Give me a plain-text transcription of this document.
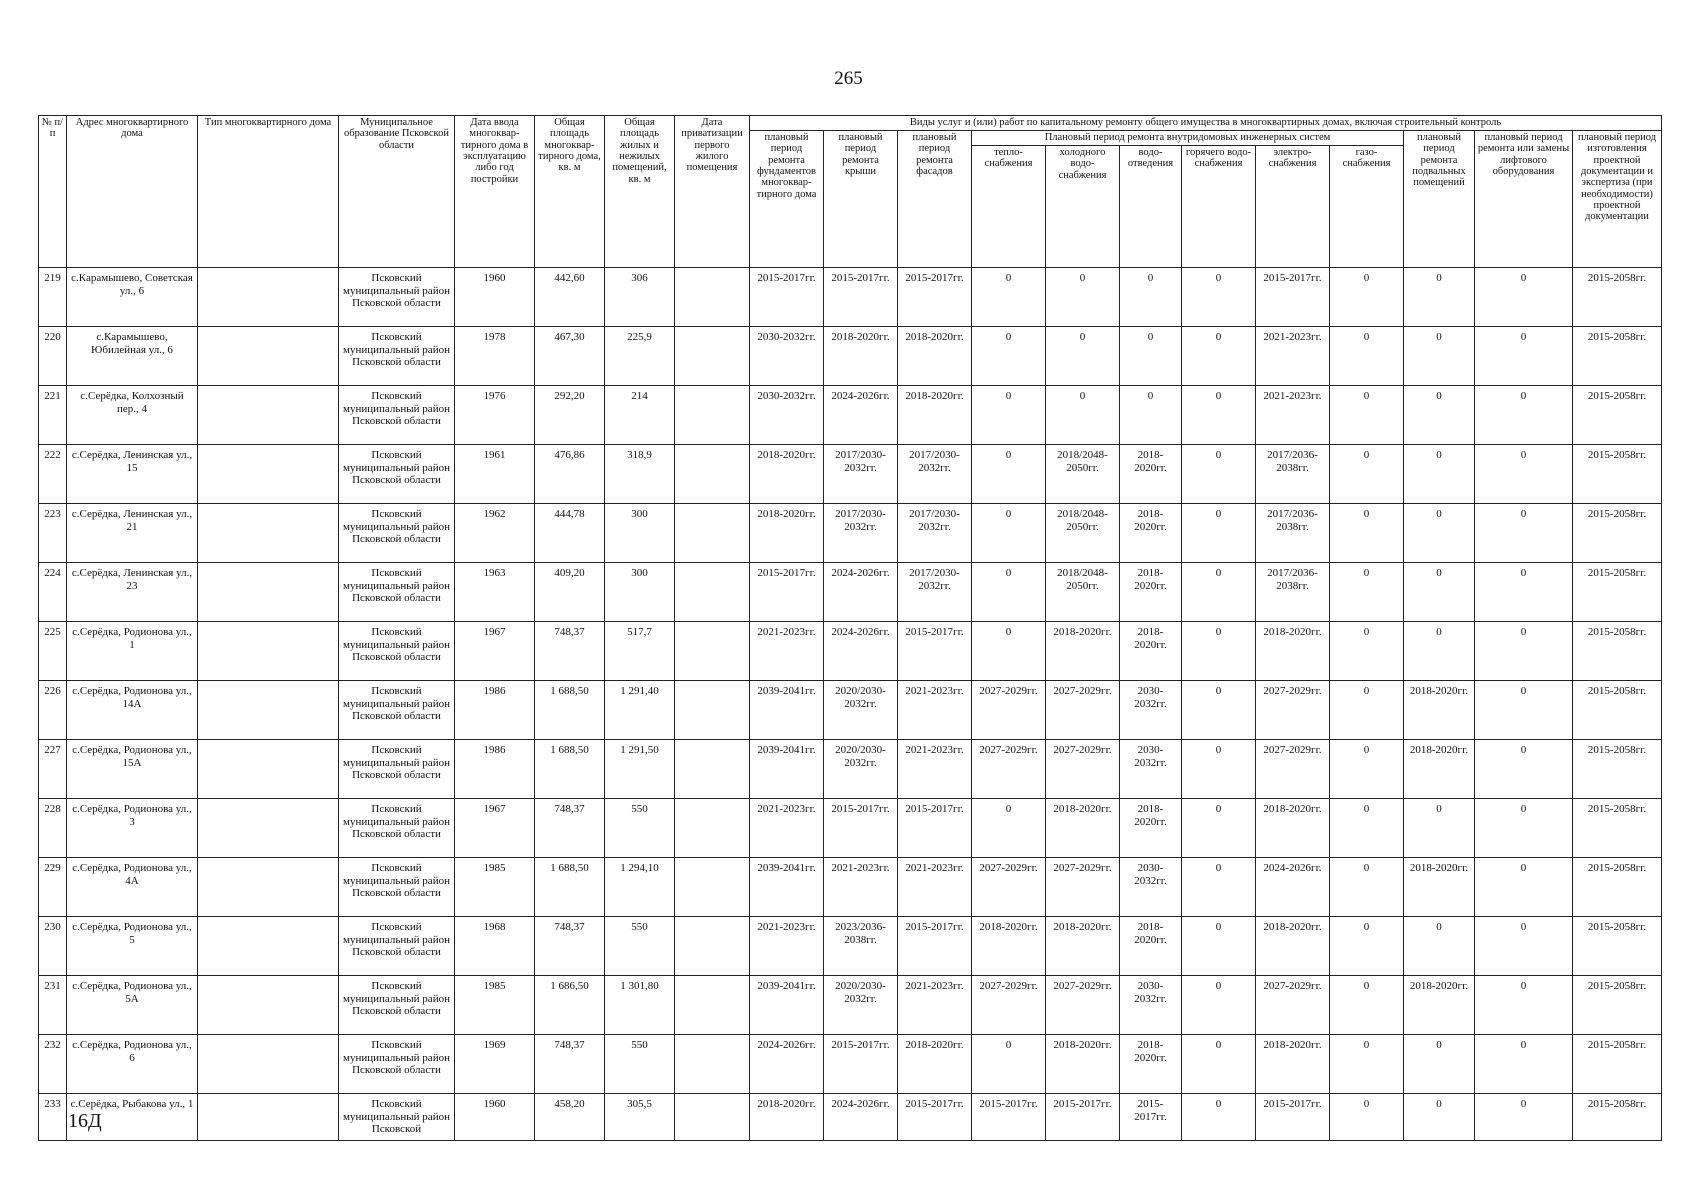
265
№ п/п	Адрес многоквартирного дома	Тип многоквартирного дома	Муниципальное образование Псковской области	Дата ввода многоквар-тирного дома в эксплуатацию либо год постройки	Общая площадь многоквар-тирного дома, кв. м	Общая площадь жилых и нежилых помещений, кв. м	Дата приватизации первого жилого помещения	Виды услуг и (или) работ по капитальному ремонту общего имущества в многоквартирных домах, включая строительный контроль											
								плановый период ремонта фундаментов многоквар-тирного дома	плановый период ремонта крыши	плановый период ремонта фасадов	Плановый период ремонта внутридомовых инженерных систем						плановый период ремонта подвальных помещений	плановый период ремонта или замены лифтового оборудования	плановый период изготовления проектной документации и экспертиза (при необходимости) проектной документации
											тепло-снабжения	холодного водо-снабжения	водо-отведения	горячего водо-снабжения	электро-снабжения	газо-снабжения			
219	с.Карамышево, Советская ул., 6		Псковский муниципальный район Псковской области	1960	442,60	306		2015-2017гг.	2015-2017гг.	2015-2017гг.	0	0	0	0	2015-2017гг.	0	0	0	2015-2058гг.
220	с.Карамышево, Юбилейная ул., 6		Псковский муниципальный район Псковской области	1978	467,30	225,9		2030-2032гг.	2018-2020гг.	2018-2020гг.	0	0	0	0	2021-2023гг.	0	0	0	2015-2058гг.
221	с.Серёдка, Колхозный пер., 4		Псковский муниципальный район Псковской области	1976	292,20	214		2030-2032гг.	2024-2026гг.	2018-2020гг.	0	0	0	0	2021-2023гг.	0	0	0	2015-2058гг.
222	с.Серёдка, Ленинская ул., 15		Псковский муниципальный район Псковской области	1961	476,86	318,9		2018-2020гг.	2017/2030-2032гг.	2017/2030-2032гг.	0	2018/2048-2050гг.	2018-2020гг.	0	2017/2036-2038гг.	0	0	0	2015-2058гг.
223	с.Серёдка, Ленинская ул., 21		Псковский муниципальный район Псковской области	1962	444,78	300		2018-2020гг.	2017/2030-2032гг.	2017/2030-2032гг.	0	2018/2048-2050гг.	2018-2020гг.	0	2017/2036-2038гг.	0	0	0	2015-2058гг.
224	с.Серёдка, Ленинская ул., 23		Псковский муниципальный район Псковской области	1963	409,20	300		2015-2017гг.	2024-2026гг.	2017/2030-2032гг.	0	2018/2048-2050гг.	2018-2020гг.	0	2017/2036-2038гг.	0	0	0	2015-2058гг.
225	с.Серёдка, Родионова ул., 1		Псковский муниципальный район Псковской области	1967	748,37	517,7		2021-2023гг.	2024-2026гг.	2015-2017гг.	0	2018-2020гг.	2018-2020гг.	0	2018-2020гг.	0	0	0	2015-2058гг.
226	с.Серёдка, Родионова ул., 14А		Псковский муниципальный район Псковской области	1986	1 688,50	1 291,40		2039-2041гг.	2020/2030-2032гг.	2021-2023гг.	2027-2029гг.	2027-2029гг.	2030-2032гг.	0	2027-2029гг.	0	2018-2020гг.	0	2015-2058гг.
227	с.Серёдка, Родионова ул., 15А		Псковский муниципальный район Псковской области	1986	1 688,50	1 291,50		2039-2041гг.	2020/2030-2032гг.	2021-2023гг.	2027-2029гг.	2027-2029гг.	2030-2032гг.	0	2027-2029гг.	0	2018-2020гг.	0	2015-2058гг.
228	с.Серёдка, Родионова ул., 3		Псковский муниципальный район Псковской области	1967	748,37	550		2021-2023гг.	2015-2017гг.	2015-2017гг.	0	2018-2020гг.	2018-2020гг.	0	2018-2020гг.	0	0	0	2015-2058гг.
229	с.Серёдка, Родионова ул., 4А		Псковский муниципальный район Псковской области	1985	1 688,50	1 294,10		2039-2041гг.	2021-2023гг.	2021-2023гг.	2027-2029гг.	2027-2029гг.	2030-2032гг.	0	2024-2026гг.	0	2018-2020гг.	0	2015-2058гг.
230	с.Серёдка, Родионова ул., 5		Псковский муниципальный район Псковской области	1968	748,37	550		2021-2023гг.	2023/2036-2038гг.	2015-2017гг.	2018-2020гг.	2018-2020гг.	2018-2020гг.	0	2018-2020гг.	0	0	0	2015-2058гг.
231	с.Серёдка, Родионова ул., 5А		Псковский муниципальный район Псковской области	1985	1 686,50	1 301,80		2039-2041гг.	2020/2030-2032гг.	2021-2023гг.	2027-2029гг.	2027-2029гг.	2030-2032гг.	0	2027-2029гг.	0	2018-2020гг.	0	2015-2058гг.
232	с.Серёдка, Родионова ул., 6		Псковский муниципальный район Псковской области	1969	748,37	550		2024-2026гг.	2015-2017гг.	2018-2020гг.	0	2018-2020гг.	2018-2020гг.	0	2018-2020гг.	0	0	0	2015-2058гг.
233	с.Серёдка, Рыбакова ул., 1		Псковский муниципальный район Псковской	1960	458,20	305,5		2018-2020гг.	2024-2026гг.	2015-2017гг.	2015-2017гг.	2015-2017гг.	2015-2017гг.	0	2015-2017гг.	0	0	0	2015-2058гг.
16Д
